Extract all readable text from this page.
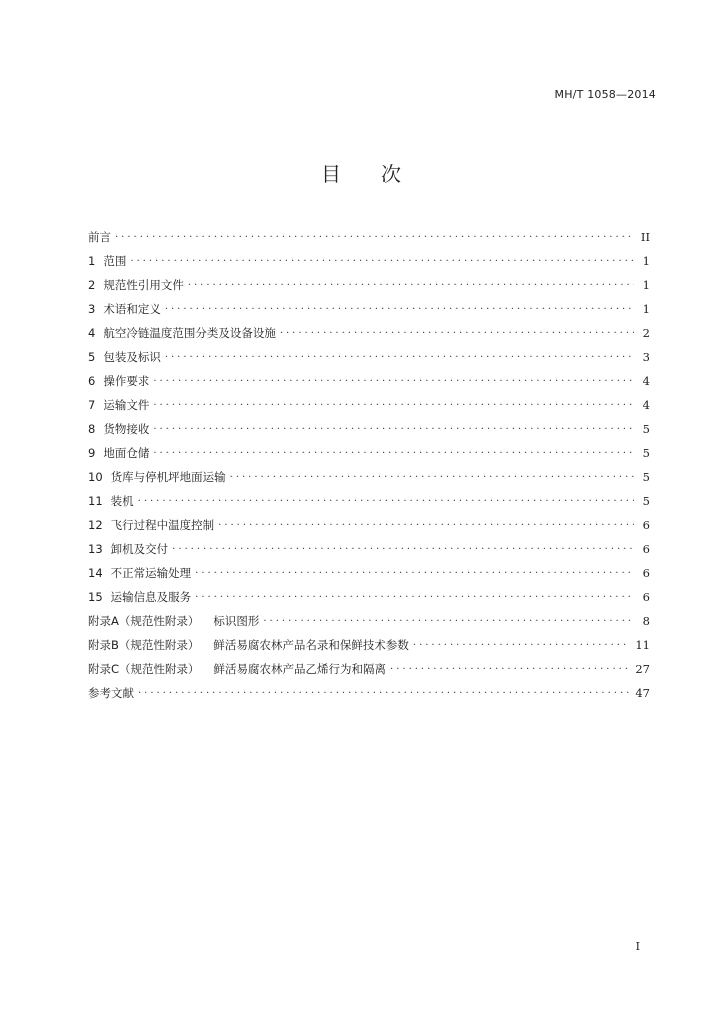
MH/T 1058—2014
目 次
前言 .....	II
1 范围 .....	1
2 规范性引用文件 .....	1
3 术语和定义 .....	1
4 航空冷链温度范围分类及设备设施 .....	2
5 包装及标识 .....	3
6 操作要求 .....	4
7 运输文件 .....	4
8 货物接收 .....	5
9 地面仓储 .....	5
10 货库与停机坪地面运输 .....	5
11 装机 .....	5
12 飞行过程中温度控制 .....	6
13 卸机及交付 .....	6
14 不正常运输处理 .....	6
15 运输信息及服务 .....	6
附录A（规范性附录） 标识图形 .....	8
附录B（规范性附录） 鲜活易腐农林产品名录和保鲜技术参数 .....	11
附录C（规范性附录） 鲜活易腐农林产品乙烯行为和隔离 .....	27
参考文献 .....	47
I
